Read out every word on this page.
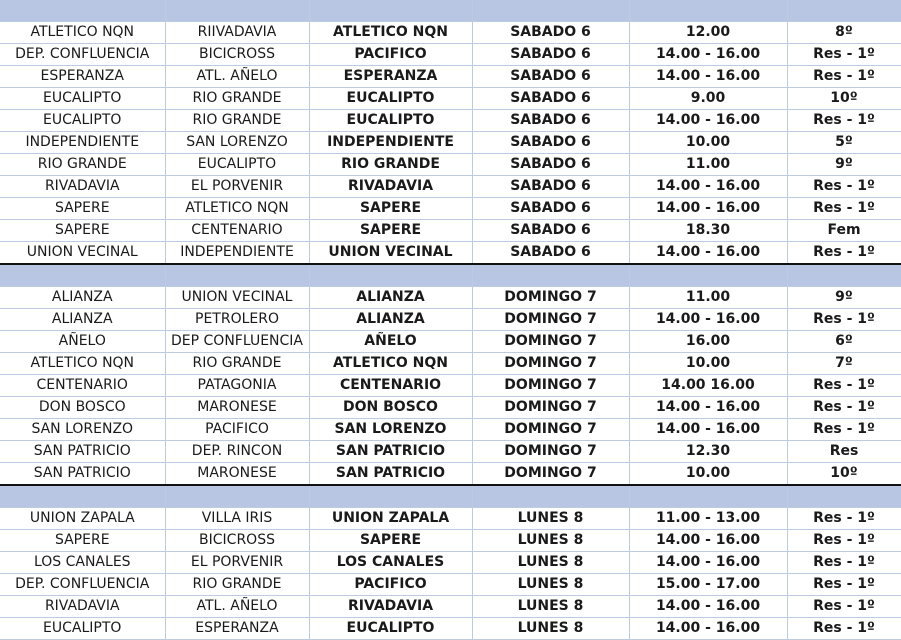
ATLETICO NQN	RIIVADAVIA	ATLETICO NQN	SABADO 6	12.00	8º
DEP. CONFLUENCIA	BICICROSS	PACIFICO	SABADO 6	14.00 - 16.00	Res - 1º
ESPERANZA	ATL. AÑELO	ESPERANZA	SABADO 6	14.00 - 16.00	Res - 1º
EUCALIPTO	RIO GRANDE	EUCALIPTO	SABADO 6	9.00	10º
EUCALIPTO	RIO GRANDE	EUCALIPTO	SABADO 6	14.00 - 16.00	Res - 1º
INDEPENDIENTE	SAN LORENZO	INDEPENDIENTE	SABADO 6	10.00	5º
RIO GRANDE	EUCALIPTO	RIO GRANDE	SABADO 6	11.00	9º
RIVADAVIA	EL PORVENIR	RIVADAVIA	SABADO 6	14.00 - 16.00	Res - 1º
SAPERE	ATLETICO NQN	SAPERE	SABADO 6	14.00 - 16.00	Res - 1º
SAPERE	CENTENARIO	SAPERE	SABADO 6	18.30	Fem
UNION VECINAL	INDEPENDIENTE	UNION VECINAL	SABADO 6	14.00 - 16.00	Res - 1º

ALIANZA	UNION VECINAL	ALIANZA	DOMINGO 7	11.00	9º
ALIANZA	PETROLERO	ALIANZA	DOMINGO 7	14.00 - 16.00	Res - 1º
AÑELO	DEP CONFLUENCIA	AÑELO	DOMINGO 7	16.00	6º
ATLETICO NQN	RIO GRANDE	ATLETICO NQN	DOMINGO 7	10.00	7º
CENTENARIO	PATAGONIA	CENTENARIO	DOMINGO 7	14.00 16.00	Res - 1º
DON BOSCO	MARONESE	DON BOSCO	DOMINGO 7	14.00 - 16.00	Res - 1º
SAN LORENZO	PACIFICO	SAN LORENZO	DOMINGO 7	14.00 - 16.00	Res - 1º
SAN PATRICIO	DEP. RINCON	SAN PATRICIO	DOMINGO 7	12.30	Res
SAN PATRICIO	MARONESE	SAN PATRICIO	DOMINGO 7	10.00	10º

UNION ZAPALA	VILLA IRIS	UNION ZAPALA	LUNES 8	11.00 - 13.00	Res - 1º
SAPERE	BICICROSS	SAPERE	LUNES 8	14.00 - 16.00	Res - 1º
LOS CANALES	EL PORVENIR	LOS CANALES	LUNES 8	14.00 - 16.00	Res - 1º
DEP. CONFLUENCIA	RIO GRANDE	PACIFICO	LUNES 8	15.00 - 17.00	Res - 1º
RIVADAVIA	ATL. AÑELO	RIVADAVIA	LUNES 8	14.00 - 16.00	Res - 1º
EUCALIPTO	ESPERANZA	EUCALIPTO	LUNES 8	14.00 - 16.00	Res - 1º
